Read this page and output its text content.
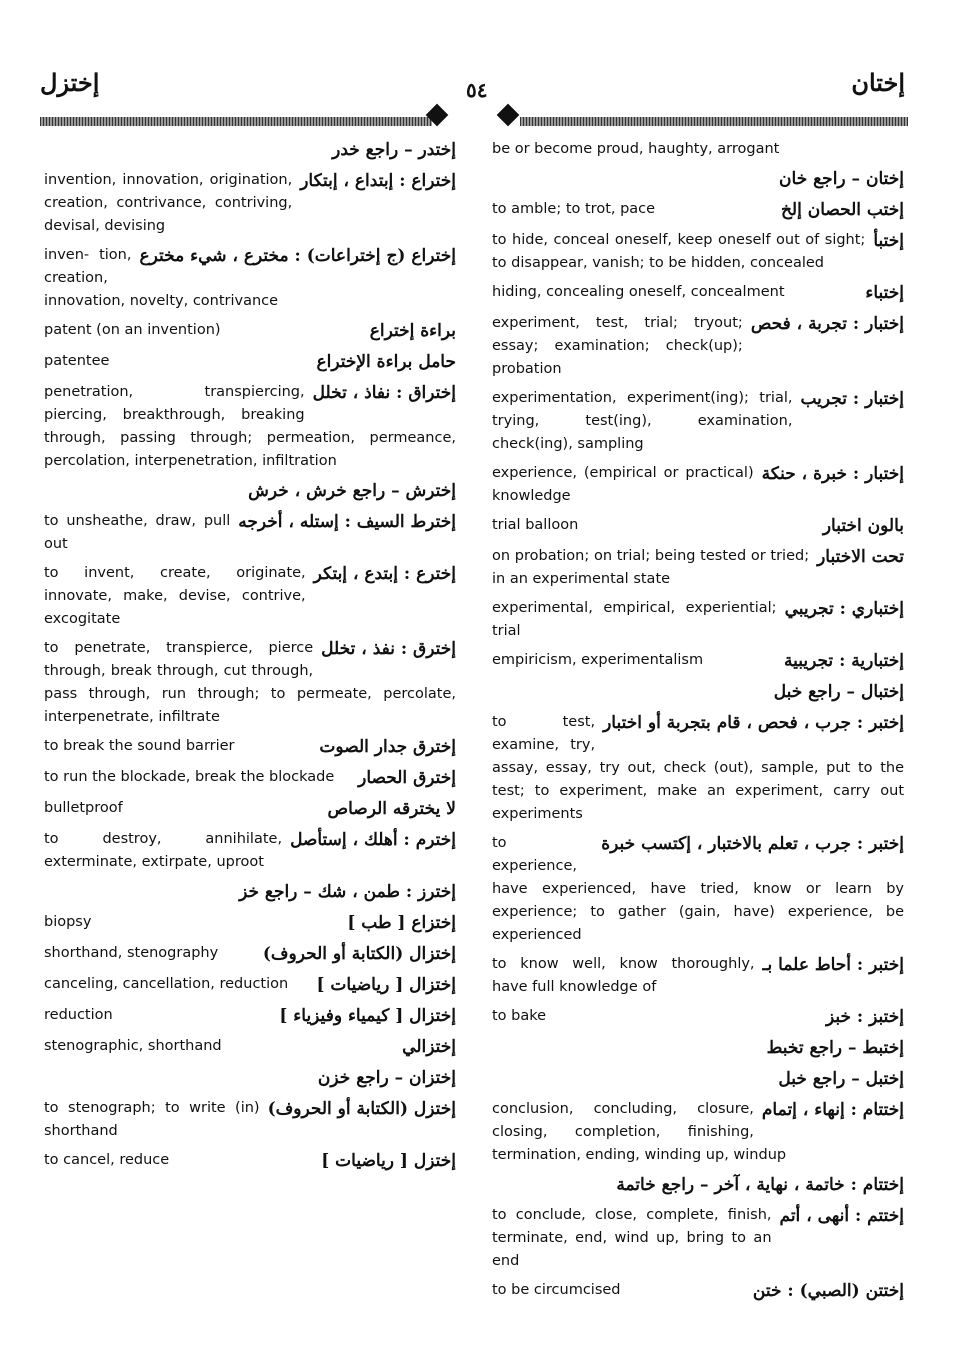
إختزل	٥٤	إختان
إختدر – راجع خدر
إختراع : إبتداع ، إبتكار
invention, innovation, origination, creation, contrivance, contriving, devisal, devising
إختراع (ج إختراعات) : مخترع ، شيء مخترع
inven- tion, creation, innovation, novelty, contrivance
براءة إختراع
patent (on an invention)
حامل براءة الإختراع
patentee
إختراق : نفاذ ، تخلل
penetration, transpiercing, piercing, breakthrough, breaking through, passing through; permeation, permeance, percolation, interpenetration, infiltration
إخترش – راجع خرش ، خرش
إخترط السيف : إستله ، أخرجه
to unsheathe, draw, pull out
إخترع : إبتدع ، إبتكر
to invent, create, originate, innovate, make, devise, contrive, excogitate
إخترق : نفذ ، تخلل
to penetrate, transpierce, pierce through, break through, cut through, pass through, run through; to permeate, percolate, interpenetrate, infiltrate
إخترق جدار الصوت
to break the sound barrier
إخترق الحصار
to run the blockade, break the blockade
لا يخترقه الرصاص
bulletproof
إخترم : أهلك ، إستأصل
to destroy, annihilate, exterminate, extirpate, uproot
إخترز : طمن ، شك – راجع خز
إختزاع [ طب ]
biopsy
إختزال (الكتابة أو الحروف)
shorthand, stenography
إختزال [ رياضيات ]
canceling, cancellation, reduction
إختزال [ كيمياء وفيزياء ]
reduction
إختزالي
stenographic, shorthand
إختزان – راجع خزن
إختزل (الكتابة أو الحروف)
to stenograph; to write (in) shorthand
إختزل [ رياضيات ]
to cancel, reduce
be or become proud, haughty, arrogant
إختان – راجع خان
إختب الحصان إلخ
to amble; to trot, pace
إختبأ
to hide, conceal oneself, keep oneself out of sight; to disappear, vanish; to be hidden, concealed
إختباء
hiding, concealing oneself, concealment
إختبار : تجربة ، فحص
experiment, test, trial; tryout; essay; examination; check(up); probation
إختبار : تجريب
experimentation, experiment(ing); trial, trying, test(ing), examination, check(ing), sampling
إختبار : خبرة ، حنكة
experience, (empirical or practical) knowledge
بالون اختبار
trial balloon
تحت الاختبار
on probation; on trial; being tested or tried; in an experimental state
إختباري : تجريبي
experimental, empirical, experiential; trial
إختبارية : تجريبية
empiricism, experimentalism
إختبال – راجع خبل
إختبر : جرب ، فحص ، قام بتجربة أو اختبار
to test, examine, try, assay, essay, try out, check (out), sample, put to the test; to experiment, make an experiment, carry out experiments
إختبر : جرب ، تعلم بالاختبار ، إكتسب خبرة
to experience, have experienced, have tried, know or learn by experience; to gather (gain, have) experience, be experienced
إختبر : أحاط علما بـ
to know well, know thoroughly, have full knowledge of
إختبز : خبز
to bake
إختبط – راجع تخبط
إختبل – راجع خبل
إختتام : إنهاء ، إتمام
conclusion, concluding, closure, closing, completion, finishing, termination, ending, winding up, windup
إختتام : خاتمة ، نهاية ، آخر – راجع خاتمة
إختتم : أنهى ، أتم
to conclude, close, complete, finish, terminate, end, wind up, bring to an end
إختتن (الصبي) : ختن
to be circumcised
